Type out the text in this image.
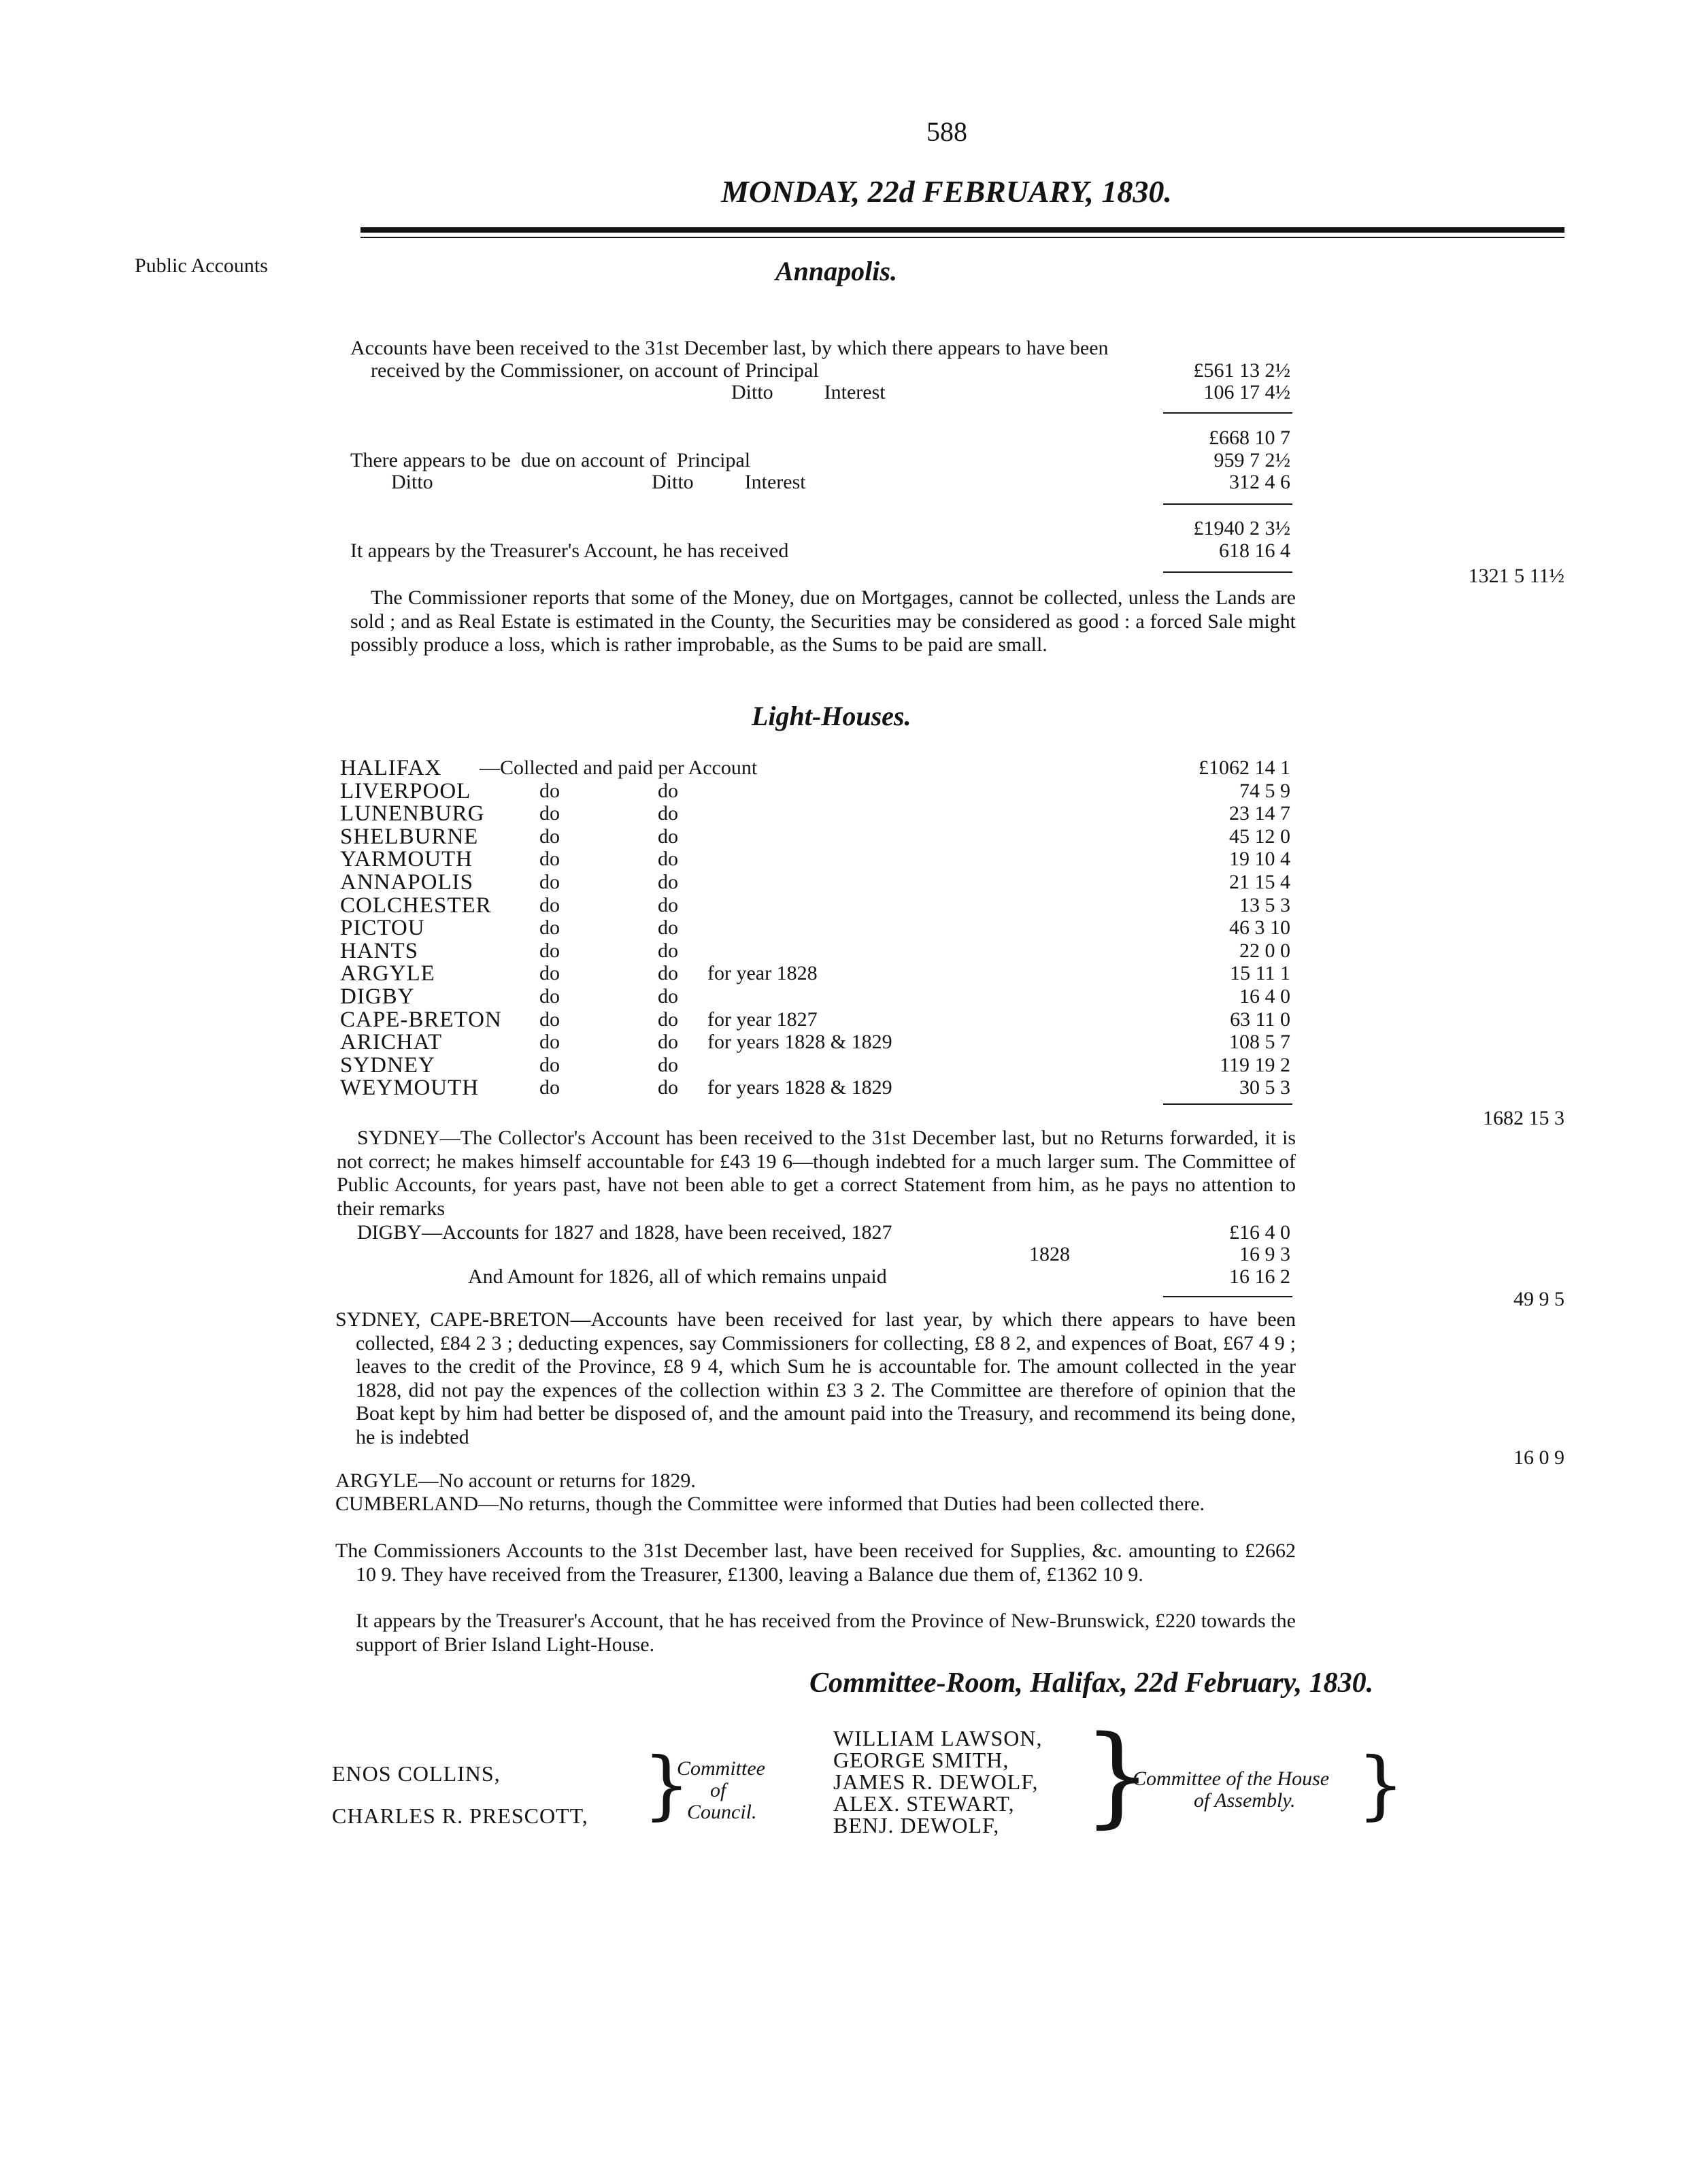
588
MONDAY, 22d FEBRUARY, 1830.
Public Accounts	Annapolis.
Accounts have been received to the 31st December last, by which there appears to have been
received by the Commissioner, on account of Principal	£561 13 2½
Ditto          Interest	106 17 4½
£668 10 7
There appears to be  due on account of  Principal	959 7 2½
Ditto	Ditto          Interest	312 4 6
£1940 2 3½
It appears by the Treasurer's Account, he has received	618 16 4
1321 5 11½

The Commissioner reports that some of the Money, due on Mortgages, cannot be collected, unless the Lands are sold ; and as Real Estate is estimated in the County, the Securities may be considered as good : a forced Sale might possibly produce a loss, which is rather improbable, as the Sums to be paid are small.

Light-Houses.
HALIFAX —Collected and paid per Account	£1062 14 1
LIVERPOOL	do	do	74 5 9
LUNENBURG	do	do	23 14 7
SHELBURNE	do	do	45 12 0
YARMOUTH	do	do	19 10 4
ANNAPOLIS	do	do	21 15 4
COLCHESTER do	do	13 5 3
PICTOU	do	do	46 3 10
HANTS	do	do	22 0 0
ARGYLE	do	do for year 1828	15 11 1
DIGBY	do	do	16 4 0
CAPE-BRETON do	do for year 1827	63 11 0
ARICHAT	do	do for years 1828 & 1829	108 5 7
SYDNEY	do	do	119 19 2
WEYMOUTH	do	do for years 1828 & 1829	30 5 3
1682 15 3

SYDNEY—The Collector's Account has been received to the 31st December last, but no Returns forwarded, it is not correct; he makes himself accountable for £43 19 6—though indebted for a much larger sum. The Committee of Public Accounts, for years past, have not been able to get a correct Statement from him, as he pays no attention to their remarks

DIGBY—Accounts for 1827 and 1828, have been received, 1827	£16 4 0
1828	16 9 3
And Amount for 1826, all of which remains unpaid	16 16 2
49 9 5

SYDNEY, CAPE-BRETON—Accounts have been received for last year, by which there appears to have been collected, £84 2 3 ; deducting expences, say Commissioners for collecting, £8 8 2, and expences of Boat, £67 4 9 ; leaves to the credit of the Province, £8 9 4, which Sum he is accountable for. The amount collected in the year 1828, did not pay the expences of the collection within £3 3 2. The Committee are therefore of opinion that the Boat kept by him had better be disposed of, and the amount paid into the Treasury, and recommend its being done, he is indebted

16 0 9

ARGYLE—No account or returns for 1829.

CUMBERLAND—No returns, though the Committee were informed that Duties had been collected there.

The Commissioners Accounts to the 31st December last, have been received for Supplies, &c. amounting to £2662 10 9. They have received from the Treasurer, £1300, leaving a Balance due them of, £1362 10 9.

It appears by the Treasurer's Account, that he has received from the Province of New-Brunswick, £220 towards the support of Brier Island Light-House.

Committee-Room, Halifax, 22d February, 1830.
ENOS COLLINS,
CHARLES R. PRESCOTT, }
Committee
of
Council.
WILLIAM LAWSON,
GEORGE SMITH,
JAMES R. DEWOLF,
ALEX. STEWART,
BENJ. DEWOLF, }
Committee of the House
of Assembly. }
